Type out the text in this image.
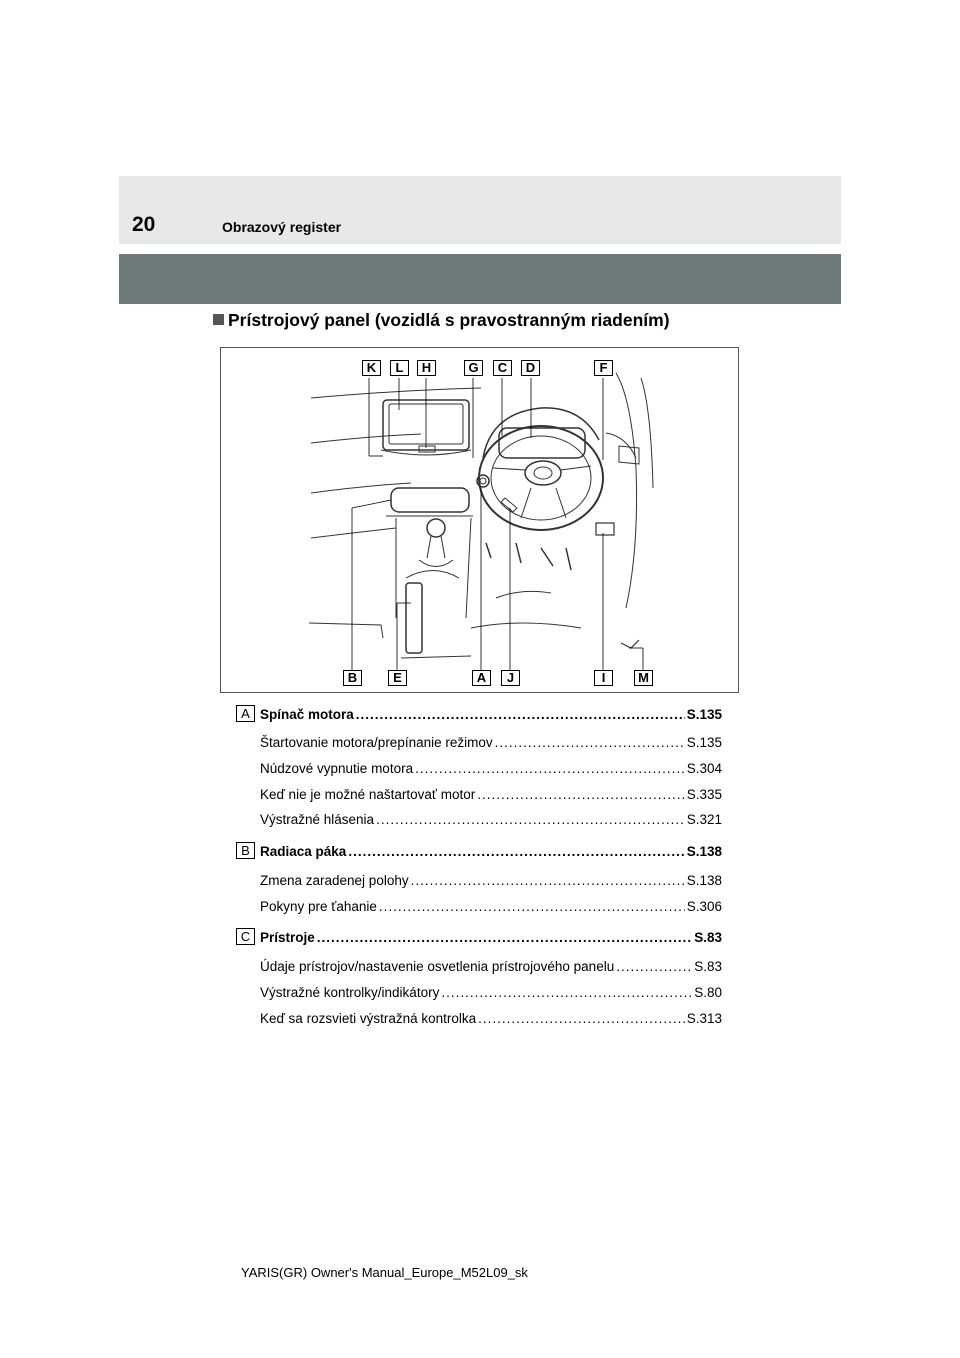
20	Obrazový register
Prístrojový panel (vozidlá s pravostranným riadením)
K	L	H	G	C	D	F
B	E	A	J	I	M
A Spínač motora .....	S.135
Štartovanie motora/prepínanie režimov .....	S.135
Núdzové vypnutie motora .....	S.304
Keď nie je možné naštartovať motor .....	S.335
Výstražné hlásenia .....	S.321
B Radiaca páka .....	S.138
Zmena zaradenej polohy .....	S.138
Pokyny pre ťahanie .....	S.306
C Prístroje .....	S.83
Údaje prístrojov/nastavenie osvetlenia prístrojového panelu .....	S.83
Výstražné kontrolky/indikátory .....	S.80
Keď sa rozsvieti výstražná kontrolka .....	S.313
YARIS(GR) Owner's Manual_Europe_M52L09_sk
